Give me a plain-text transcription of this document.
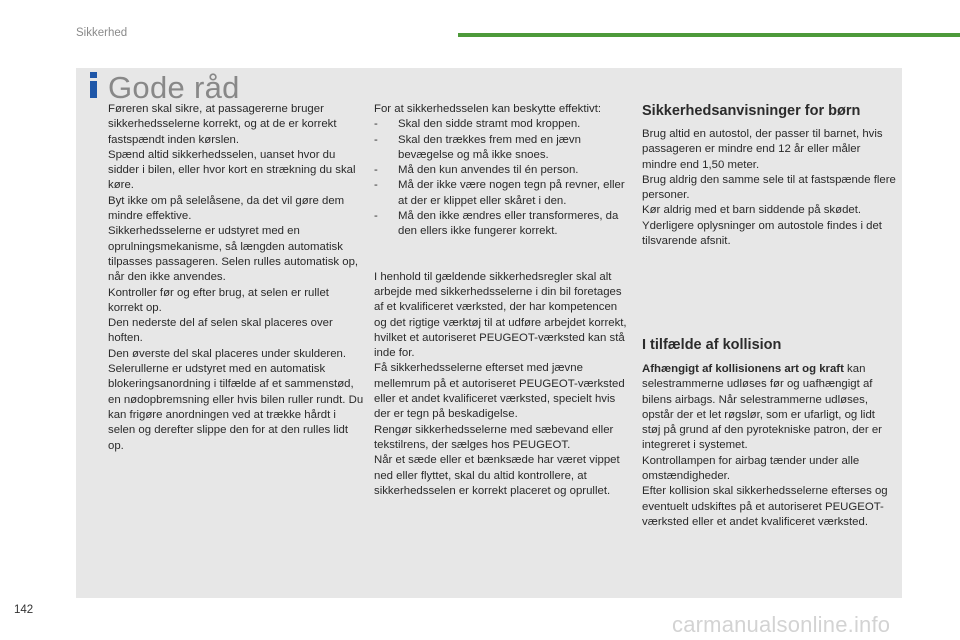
Sikkerhed
Gode råd

Føreren skal sikre, at passagererne bruger sikkerhedsselerne korrekt, og at de er korrekt fastspændt inden kørslen.

Spænd altid sikkerhedsselen, uanset hvor du sidder i bilen, eller hvor kort en strækning du skal køre.

Byt ikke om på selelåsene, da det vil gøre dem mindre effektive.

Sikkerhedsselerne er udstyret med en oprulningsmekanisme, så længden automatisk tilpasses passageren. Selen rulles automatisk op, når den ikke anvendes.

Kontroller før og efter brug, at selen er rullet korrekt op.

Den nederste del af selen skal placeres over hoften.

Den øverste del skal placeres under skulderen.

Selerullerne er udstyret med en automatisk blokeringsanordning i tilfælde af et sammenstød, en nødopbremsning eller hvis bilen ruller rundt. Du kan frigøre anordningen ved at trække hårdt i selen og derefter slippe den for at den rulles lidt op.

For at sikkerhedsselen kan beskytte effektivt:

- Skal den sidde stramt mod kroppen.
- Skal den trækkes frem med en jævn bevægelse og må ikke snoes.
- Må den kun anvendes til én person.
- Må der ikke være nogen tegn på revner, eller at der er klippet eller skåret i den.
- Må den ikke ændres eller transformeres, da den ellers ikke fungerer korrekt.

I henhold til gældende sikkerhedsregler skal alt arbejde med sikkerhedsselerne i din bil foretages af et kvalificeret værksted, der har kompetencen og det rigtige værktøj til at udføre arbejdet korrekt, hvilket et autoriseret PEUGEOT-værksted kan stå inde for.

Få sikkerhedsselerne efterset med jævne mellemrum på et autoriseret PEUGEOT-værksted eller et andet kvalificeret værksted, specielt hvis der er tegn på beskadigelse.

Rengør sikkerhedsselerne med sæbevand eller tekstilrens, der sælges hos PEUGEOT.

Når et sæde eller et bænksæde har været vippet ned eller flyttet, skal du altid kontrollere, at sikkerhedsselen er korrekt placeret og oprullet.

Sikkerhedsanvisninger for børn

Brug altid en autostol, der passer til barnet, hvis passageren er mindre end 12 år eller måler mindre end 1,50 meter.

Brug aldrig den samme sele til at fastspænde flere personer.

Kør aldrig med et barn siddende på skødet.

Yderligere oplysninger om autostole findes i det tilsvarende afsnit.

I tilfælde af kollision

Afhængigt af kollisionens art og kraft kan selestrammerne udløses før og uafhængigt af bilens airbags. Når selestrammerne udløses, opstår der et let røgslør, som er ufarligt, og lidt støj på grund af den pyrotekniske patron, der er integreret i systemet.

Kontrollampen for airbag tænder under alle omstændigheder.

Efter kollision skal sikkerhedsselerne efterses og eventuelt udskiftes på et autoriseret PEUGEOT-værksted eller et andet kvalificeret værksted.

142
carmanualsonline.info
